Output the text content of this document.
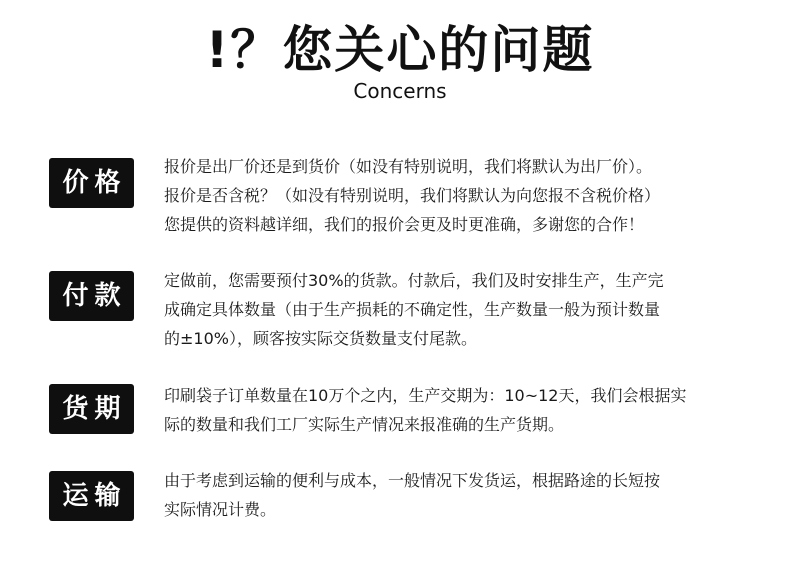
!？您关心的问题
Concerns
价格
报价是出厂价还是到货价（如没有特别说明，我们将默认为出厂价）。
报价是否含税？（如没有特别说明，我们将默认为向您报不含税价格）
您提供的资料越详细，我们的报价会更及时更准确，多谢您的合作！
付款
定做前，您需要预付30%的货款。付款后，我们及时安排生产，生产完
成确定具体数量（由于生产损耗的不确定性，生产数量一般为预计数量
的±10%），顾客按实际交货数量支付尾款。
货期	印刷袋子订单数量在10万个之内，生产交期为：10~12天，我们会根据实
际的数量和我们工厂实际生产情况来报准确的生产货期。
运输
由于考虑到运输的便利与成本，一般情况下发货运，根据路途的长短按
实际情况计费。
